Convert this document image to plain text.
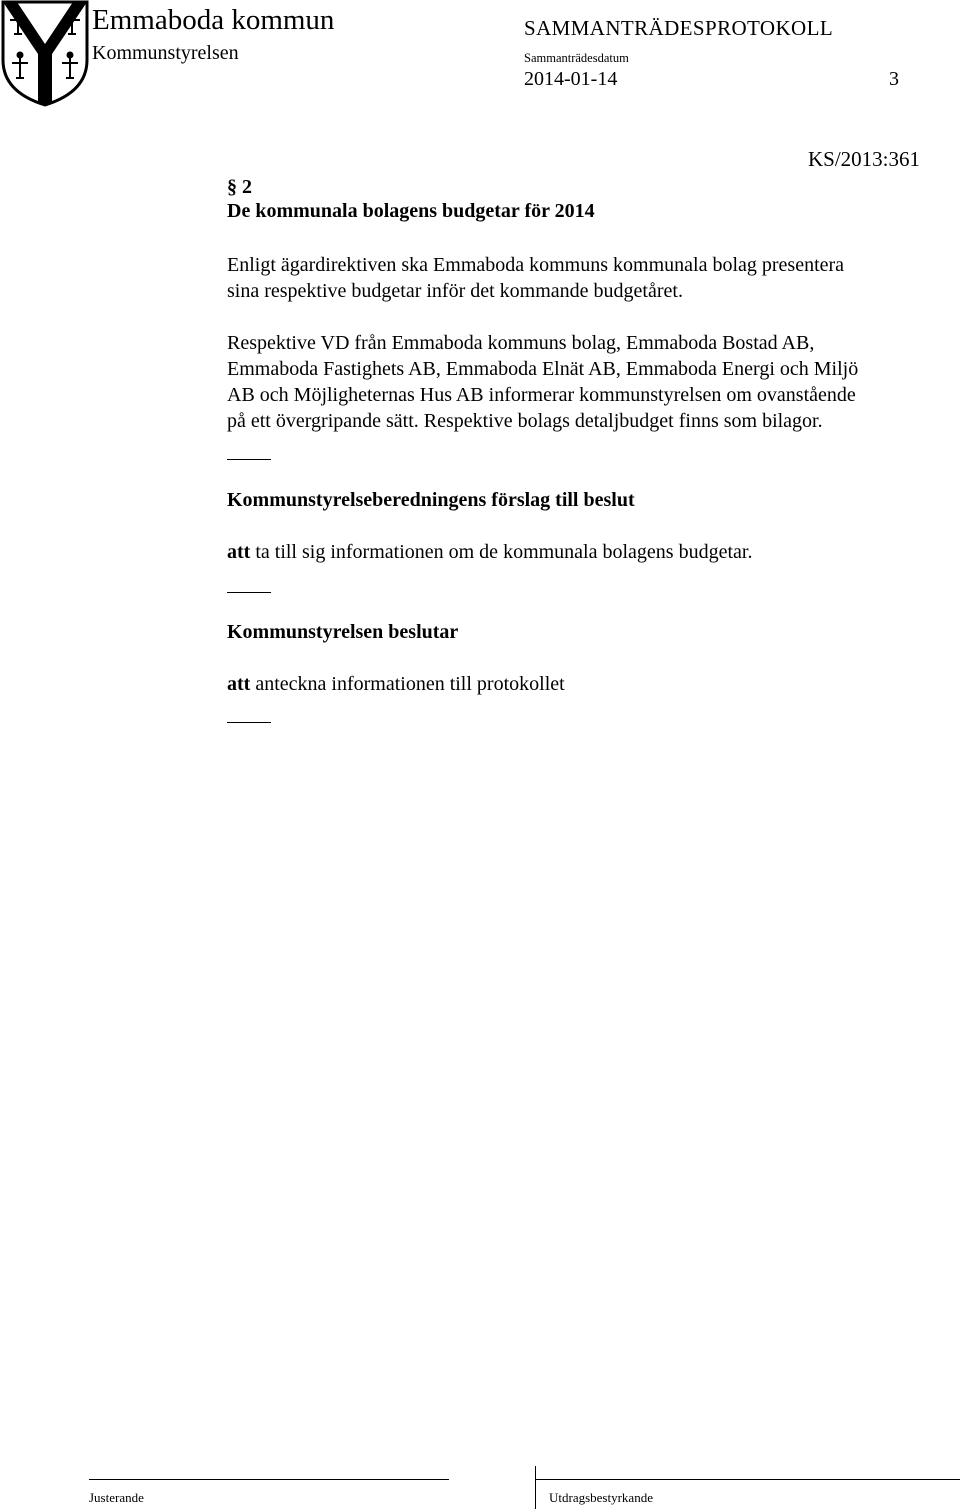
Emmaboda kommun
Kommunstyrelsen
SAMMANTRÄDESPROTOKOLL
Sammanträdesdatum
2014-01-14	3
KS/2013:361
§ 2
De kommunala bolagens budgetar för 2014
Enligt ägardirektiven ska Emmaboda kommuns kommunala bolag presentera
sina respektive budgetar inför det kommande budgetåret.
Respektive VD från Emmaboda kommuns bolag, Emmaboda Bostad AB,
Emmaboda Fastighets AB, Emmaboda Elnät AB, Emmaboda Energi och Miljö
AB och Möjligheternas Hus AB informerar kommunstyrelsen om ovanstående
på ett övergripande sätt. Respektive bolags detaljbudget finns som bilagor.
Kommunstyrelseberedningens förslag till beslut
att ta till sig informationen om de kommunala bolagens budgetar.
Kommunstyrelsen beslutar
att anteckna informationen till protokollet
Justerande	Utdragsbestyrkande
